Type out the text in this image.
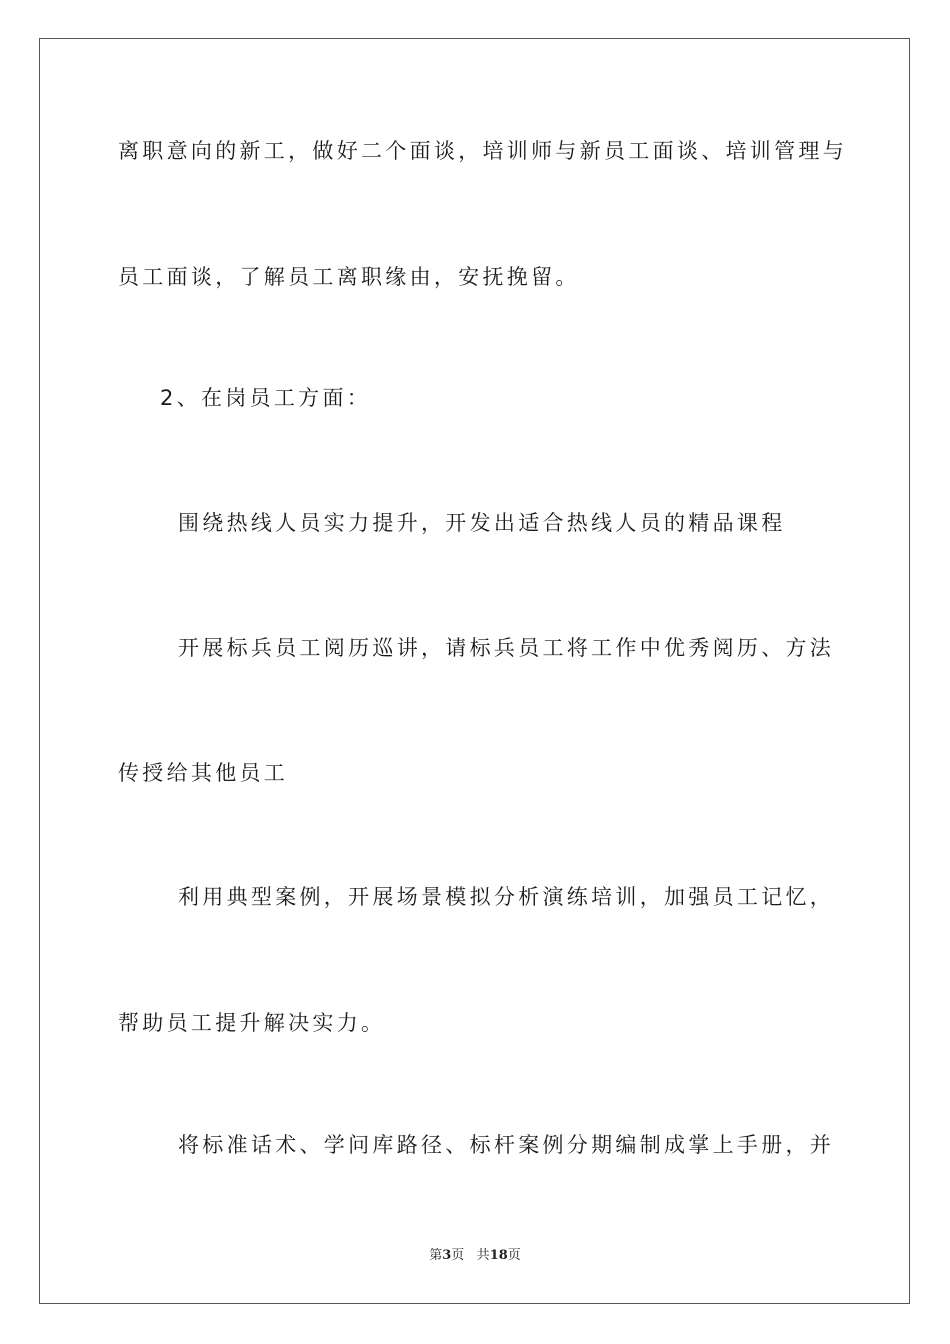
离职意向的新工，做好二个面谈，培训师与新员工面谈、培训管理与
员工面谈，了解员工离职缘由，安抚挽留。
2、在岗员工方面：
围绕热线人员实力提升，开发出适合热线人员的精品课程
开展标兵员工阅历巡讲，请标兵员工将工作中优秀阅历、方法
传授给其他员工
利用典型案例，开展场景模拟分析演练培训，加强员工记忆，
帮助员工提升解决实力。
将标准话术、学问库路径、标杆案例分期编制成掌上手册，并
第3页 共18页
